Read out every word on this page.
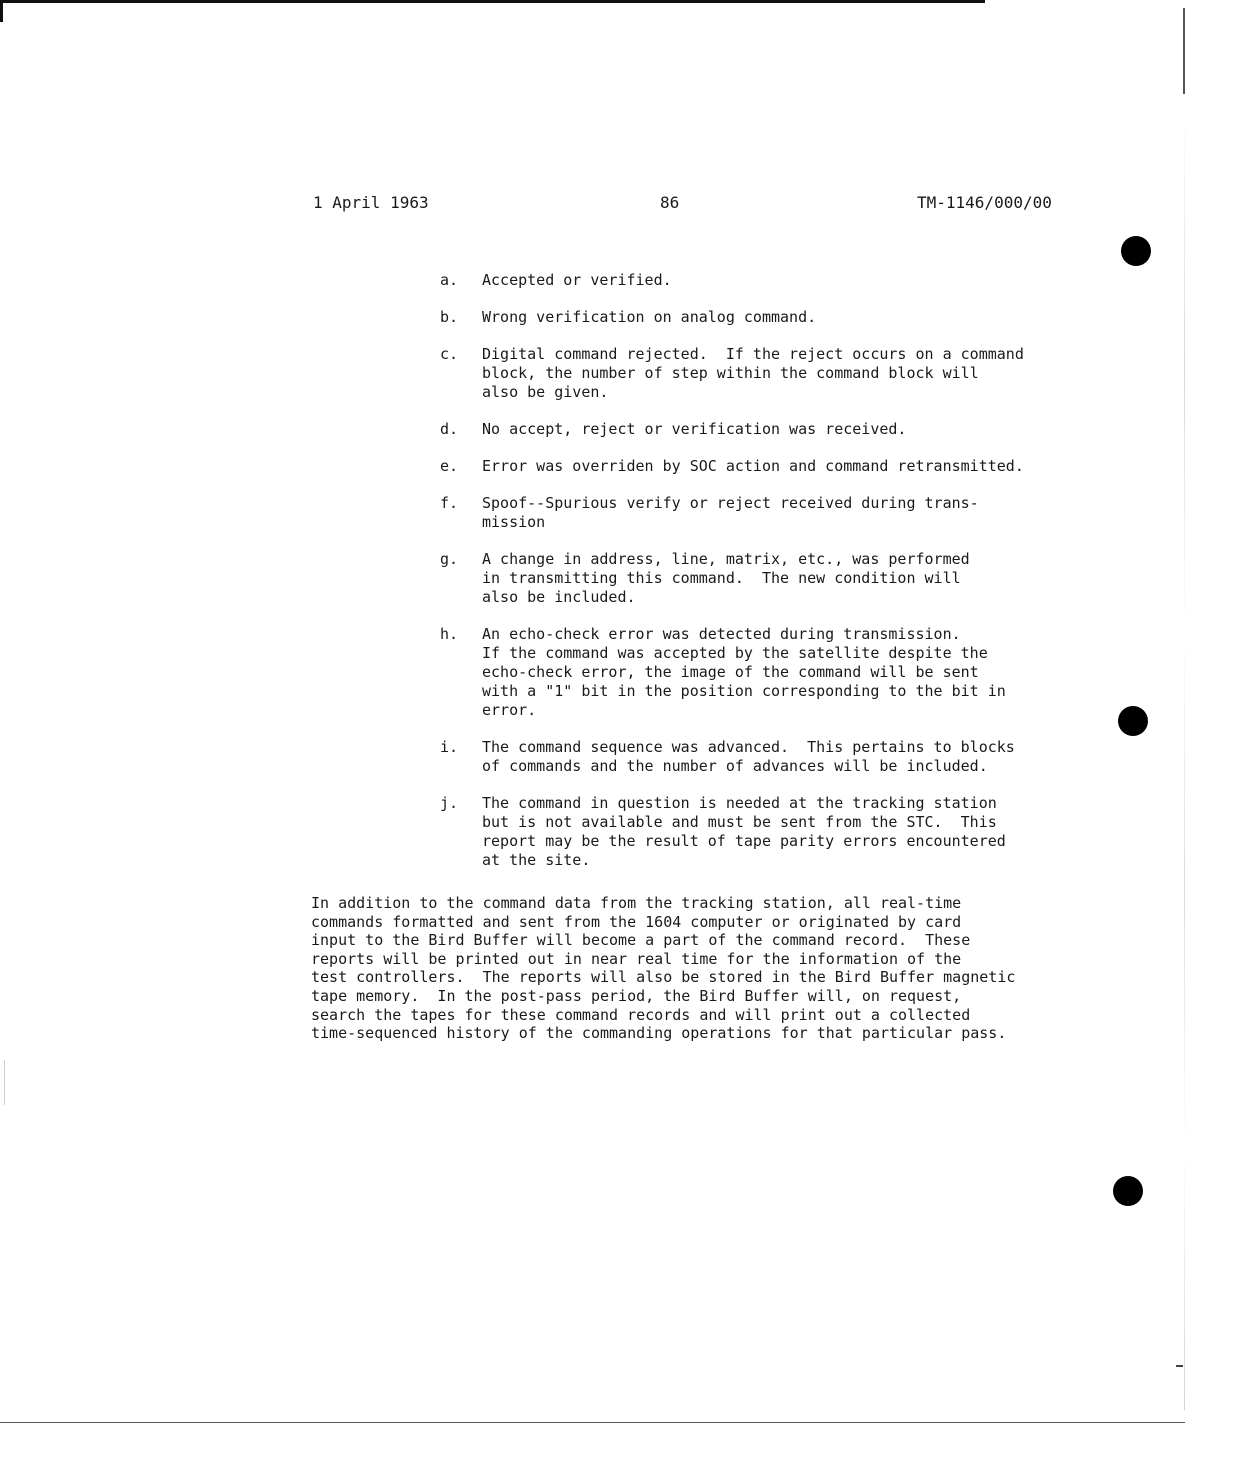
1 April 1963	86	TM-1146/000/00
a.	Accepted or verified.
b.	Wrong verification on analog command.
c.	Digital command rejected.  If the reject occurs on a command
block, the number of step within the command block will
also be given.
d.	No accept, reject or verification was received.
e.	Error was overriden by SOC action and command retransmitted.
f.	Spoof--Spurious verify or reject received during trans-
mission
g.	A change in address, line, matrix, etc., was performed
in transmitting this command.  The new condition will
also be included.
h.	An echo-check error was detected during transmission.
If the command was accepted by the satellite despite the
echo-check error, the image of the command will be sent
with a "1" bit in the position corresponding to the bit in
error.
i.	The command sequence was advanced.  This pertains to blocks
of commands and the number of advances will be included.
j.	The command in question is needed at the tracking station
but is not available and must be sent from the STC.  This
report may be the result of tape parity errors encountered
at the site.
In addition to the command data from the tracking station, all real-time
commands formatted and sent from the 1604 computer or originated by card
input to the Bird Buffer will become a part of the command record.  These
reports will be printed out in near real time for the information of the
test controllers.  The reports will also be stored in the Bird Buffer magnetic
tape memory.  In the post-pass period, the Bird Buffer will, on request,
search the tapes for these command records and will print out a collected
time-sequenced history of the commanding operations for that particular pass.
